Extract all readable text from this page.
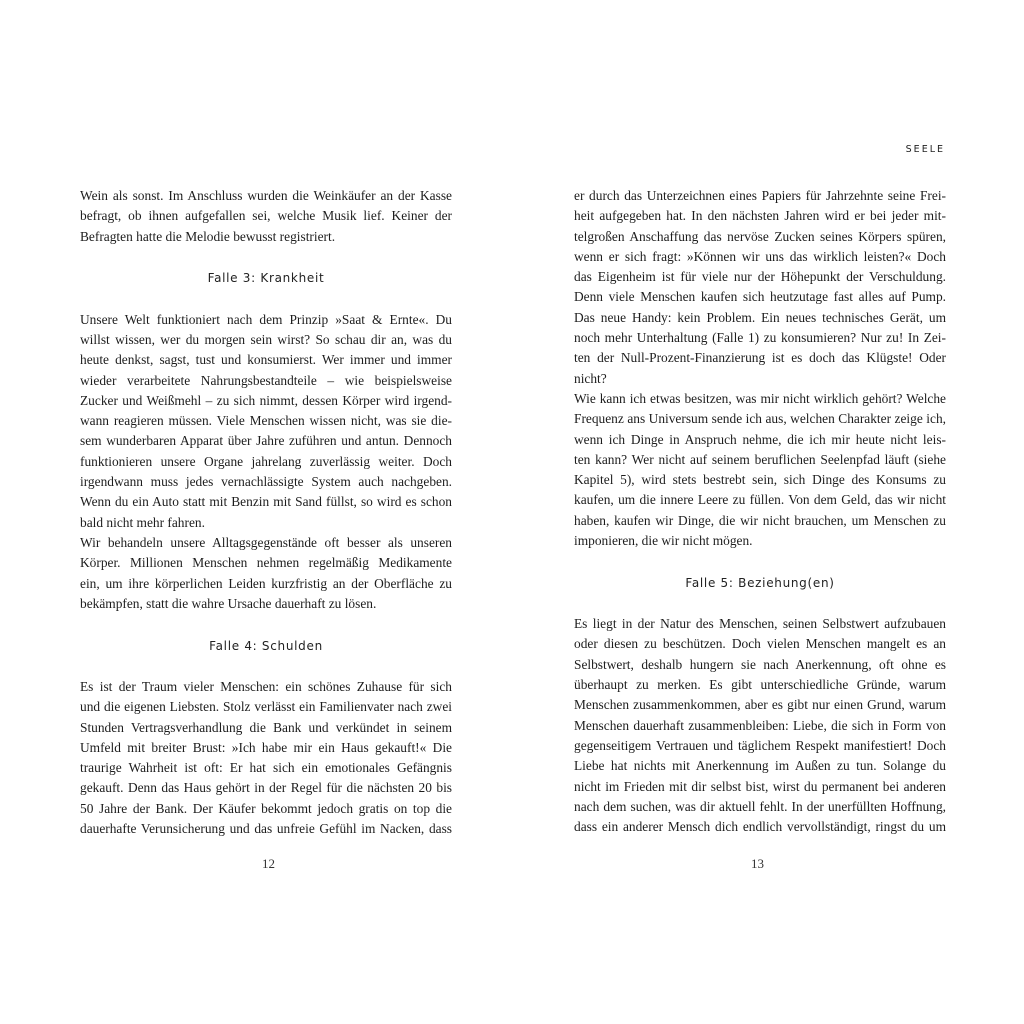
Wein als sonst. Im Anschluss wurden die Weinkäufer an der Kasse
befragt, ob ihnen aufgefallen sei, welche Musik lief. Keiner der
Befragten hatte die Melodie bewusst registriert.
Falle 3: Krankheit
Unsere Welt funktioniert nach dem Prinzip »Saat & Ernte«. Du
willst wissen, wer du morgen sein wirst? So schau dir an, was du
heute denkst, sagst, tust und konsumierst. Wer immer und immer
wieder verarbeitete Nahrungsbestandteile – wie beispielsweise
Zucker und Weißmehl – zu sich nimmt, dessen Körper wird irgend-
wann reagieren müssen. Viele Menschen wissen nicht, was sie die-
sem wunderbaren Apparat über Jahre zuführen und antun. Dennoch
funktionieren unsere Organe jahrelang zuverlässig weiter. Doch
irgendwann muss jedes vernachlässigte System auch nachgeben.
Wenn du ein Auto statt mit Benzin mit Sand füllst, so wird es schon
bald nicht mehr fahren.
Wir behandeln unsere Alltagsgegenstände oft besser als unseren
Körper. Millionen Menschen nehmen regelmäßig Medikamente
ein, um ihre körperlichen Leiden kurzfristig an der Oberfläche zu
bekämpfen, statt die wahre Ursache dauerhaft zu lösen.
Falle 4: Schulden
Es ist der Traum vieler Menschen: ein schönes Zuhause für sich
und die eigenen Liebsten. Stolz verlässt ein Familienvater nach zwei
Stunden Vertragsverhandlung die Bank und verkündet in seinem
Umfeld mit breiter Brust: »Ich habe mir ein Haus gekauft!« Die
traurige Wahrheit ist oft: Er hat sich ein emotionales Gefängnis
gekauft. Denn das Haus gehört in der Regel für die nächsten 20 bis
50 Jahre der Bank. Der Käufer bekommt jedoch gratis on top die
dauerhafte Verunsicherung und das unfreie Gefühl im Nacken, dass
12
SEELE
er durch das Unterzeichnen eines Papiers für Jahrzehnte seine Frei-
heit aufgegeben hat. In den nächsten Jahren wird er bei jeder mit-
telgroßen Anschaffung das nervöse Zucken seines Körpers spüren,
wenn er sich fragt: »Können wir uns das wirklich leisten?« Doch
das Eigenheim ist für viele nur der Höhepunkt der Verschuldung.
Denn viele Menschen kaufen sich heutzutage fast alles auf Pump.
Das neue Handy: kein Problem. Ein neues technisches Gerät, um
noch mehr Unterhaltung (Falle 1) zu konsumieren? Nur zu! In Zei-
ten der Null-Prozent-Finanzierung ist es doch das Klügste! Oder
nicht?
Wie kann ich etwas besitzen, was mir nicht wirklich gehört? Welche
Frequenz ans Universum sende ich aus, welchen Charakter zeige ich,
wenn ich Dinge in Anspruch nehme, die ich mir heute nicht leis-
ten kann? Wer nicht auf seinem beruflichen Seelenpfad läuft (siehe
Kapitel 5), wird stets bestrebt sein, sich Dinge des Konsums zu
kaufen, um die innere Leere zu füllen. Von dem Geld, das wir nicht
haben, kaufen wir Dinge, die wir nicht brauchen, um Menschen zu
imponieren, die wir nicht mögen.
Falle 5: Beziehung(en)
Es liegt in der Natur des Menschen, seinen Selbstwert aufzubauen
oder diesen zu beschützen. Doch vielen Menschen mangelt es an
Selbstwert, deshalb hungern sie nach Anerkennung, oft ohne es
überhaupt zu merken. Es gibt unterschiedliche Gründe, warum
Menschen zusammenkommen, aber es gibt nur einen Grund, warum
Menschen dauerhaft zusammenbleiben: Liebe, die sich in Form von
gegenseitigem Vertrauen und täglichem Respekt manifestiert! Doch
Liebe hat nichts mit Anerkennung im Außen zu tun. Solange du
nicht im Frieden mit dir selbst bist, wirst du permanent bei anderen
nach dem suchen, was dir aktuell fehlt. In der unerfüllten Hoffnung,
dass ein anderer Mensch dich endlich vervollständigt, ringst du um
13
